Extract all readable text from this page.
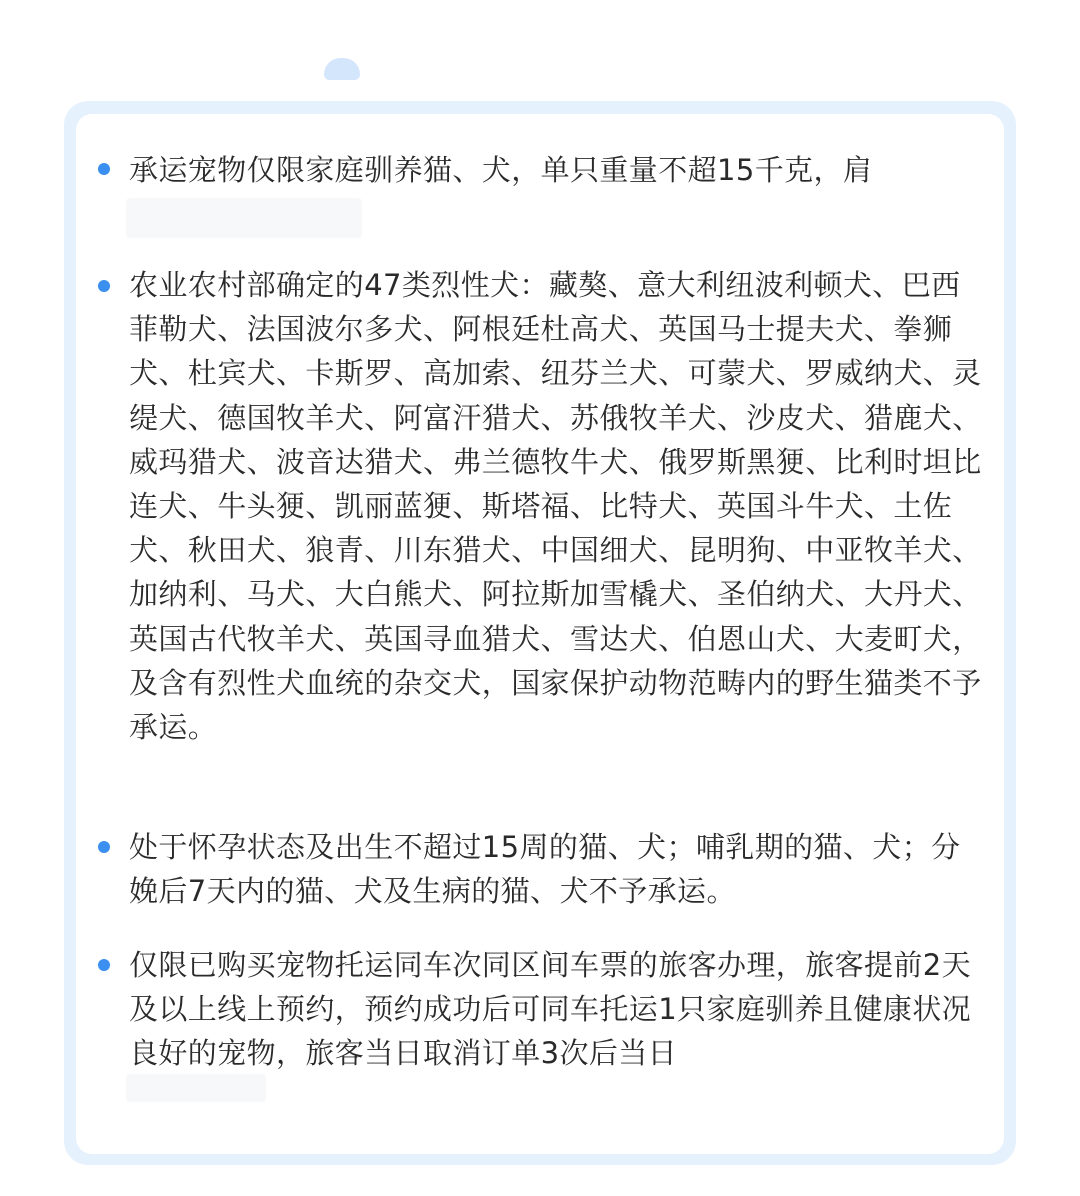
承运宠物仅限家庭驯养猫、犬，单只重量不超15千克，肩
农业农村部确定的47类烈性犬：藏獒、意大利纽波利顿犬、巴西菲勒犬、法国波尔多犬、阿根廷杜高犬、英国马士提夫犬、拳狮犬、杜宾犬、卡斯罗、高加索、纽芬兰犬、可蒙犬、罗威纳犬、灵缇犬、德国牧羊犬、阿富汗猎犬、苏俄牧羊犬、沙皮犬、猎鹿犬、威玛猎犬、波音达猎犬、弗兰德牧牛犬、俄罗斯黑㹴、比利时坦比连犬、牛头㹴、凯丽蓝㹴、斯塔福、比特犬、英国斗牛犬、土佐犬、秋田犬、狼青、川东猎犬、中国细犬、昆明狗、中亚牧羊犬、加纳利、马犬、大白熊犬、阿拉斯加雪橇犬、圣伯纳犬、大丹犬、英国古代牧羊犬、英国寻血猎犬、雪达犬、伯恩山犬、大麦町犬，及含有烈性犬血统的杂交犬，国家保护动物范畴内的野生猫类不予承运。
处于怀孕状态及出生不超过15周的猫、犬；哺乳期的猫、犬；分娩后7天内的猫、犬及生病的猫、犬不予承运。
仅限已购买宠物托运同车次同区间车票的旅客办理，旅客提前2天及以上线上预约，预约成功后可同车托运1只家庭驯养且健康状况良好的宠物，旅客当日取消订单3次后当日
